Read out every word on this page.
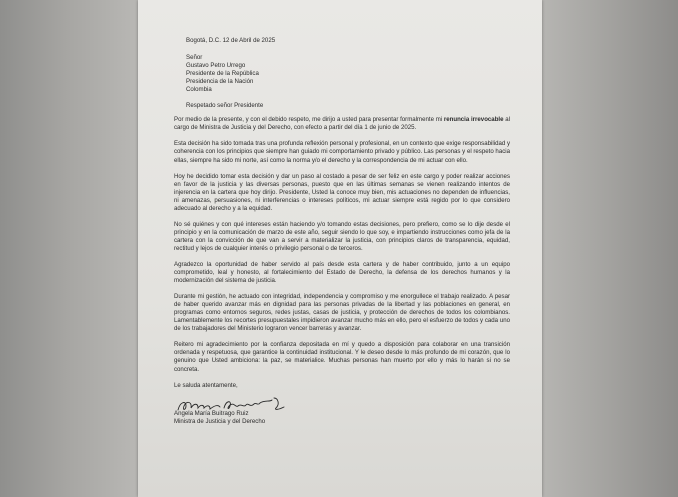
Bogotá, D.C. 12 de Abril de 2025
Señor
Gustavo Petro Urrego
Presidente de la República
Presidencia de la Nación
Colombia
Respetado señor Presidente

Por medio de la presente, y con el debido respeto, me dirijo a usted para presentar formalmente mi renuncia irrevocable al cargo de Ministra de Justicia y del Derecho, con efecto a partir del día 1 de junio de 2025.

Esta decisión ha sido tomada tras una profunda reflexión personal y profesional, en un contexto que exige responsabilidad y coherencia con los principios que siempre han guiado mi comportamiento privado y público. Las personas y el respeto hacia ellas, siempre ha sido mi norte, así como la norma y/o el derecho y la correspondencia de mi actuar con ello.

Hoy he decidido tomar esta decisión y dar un paso al costado a pesar de ser feliz en este cargo y poder realizar acciones en favor de la justicia y las diversas personas, puesto que en las últimas semanas se vienen realizando intentos de injerencia en la cartera que hoy dirijo. Presidente, Usted la conoce muy bien, mis actuaciones no dependen de influencias, ni amenazas, persuasiones, ni interferencias o intereses políticos, mi actuar siempre está regido por lo que considero adecuado al derecho y a la equidad.

No sé quiénes y con qué intereses están haciendo y/o tomando estas decisiones, pero prefiero, como se lo dije desde el principio y en la comunicación de marzo de este año, seguir siendo lo que soy, e impartiendo instrucciones como jefa de la cartera con la convicción de que van a servir a materializar la justicia, con principios claros de transparencia, equidad, rectitud y lejos de cualquier interés o privilegio personal o de terceros.

Agradezco la oportunidad de haber servido al país desde esta cartera y de haber contribuido, junto a un equipo comprometido, leal y honesto, al fortalecimiento del Estado de Derecho, la defensa de los derechos humanos y la modernización del sistema de justicia.

Durante mi gestión, he actuado con integridad, independencia y compromiso y me enorgullece el trabajo realizado. A pesar de haber querido avanzar más en dignidad para las personas privadas de la libertad y las poblaciones en general, en programas como entornos seguros, redes justas, casas de justicia, y protección de derechos de todos los colombianos. Lamentablemente los recortes presupuestales impidieron avanzar mucho más en ello, pero el esfuerzo de todos y cada uno de los trabajadores del Ministerio lograron vencer barreras y avanzar.

Reitero mi agradecimiento por la confianza depositada en mí y quedo a disposición para colaborar en una transición ordenada y respetuosa, que garantice la continuidad institucional. Y le deseo desde lo más profundo de mi corazón, que lo genuino que Usted ambiciona: la paz, se materialice. Muchas personas han muerto por ello y más lo harán si no se concreta.

Le saluda atentamente,
Angela María Buitrago Ruiz
Ministra de Justicia y del Derecho
